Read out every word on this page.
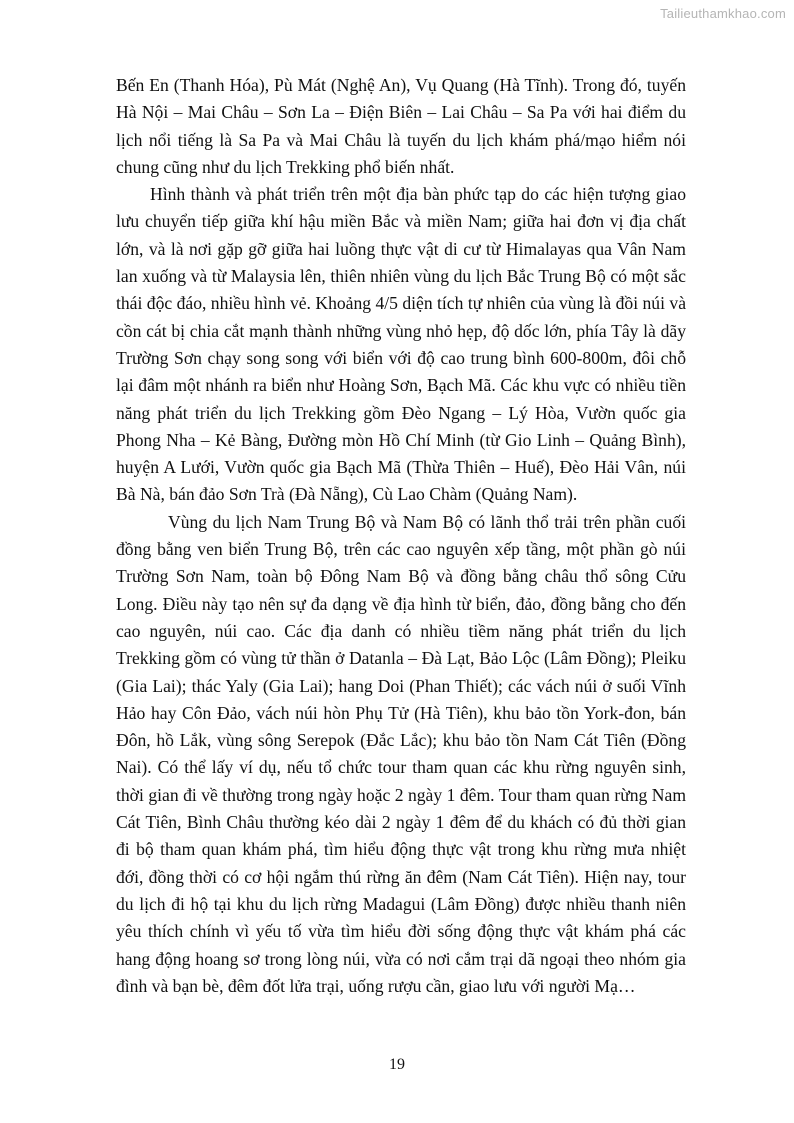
Tailieuthamkhao.com

Bến En (Thanh Hóa), Pù Mát (Nghệ An), Vụ Quang (Hà Tĩnh). Trong đó, tuyến Hà Nội – Mai Châu – Sơn La – Điện Biên – Lai Châu – Sa Pa với hai điểm du lịch nổi tiếng là Sa Pa và Mai Châu là tuyến du lịch khám phá/mạo hiểm nói chung cũng như du lịch Trekking phổ biến nhất.

Hình thành và phát triển trên một địa bàn phức tạp do các hiện tượng giao lưu chuyển tiếp giữa khí hậu miền Bắc và miền Nam; giữa hai đơn vị địa chất lớn, và là nơi gặp gỡ giữa hai luồng thực vật di cư từ Himalayas qua Vân Nam lan xuống và từ Malaysia lên, thiên nhiên vùng du lịch Bắc Trung Bộ có một sắc thái độc đáo, nhiều hình vẻ. Khoảng 4/5 diện tích tự nhiên của vùng là đồi núi và cồn cát bị chia cắt mạnh thành những vùng nhỏ hẹp, độ dốc lớn, phía Tây là dãy Trường Sơn chạy song song với biển với độ cao trung bình 600-800m, đôi chỗ lại đâm một nhánh ra biển như Hoàng Sơn, Bạch Mã. Các khu vực có nhiều tiền năng phát triển du lịch Trekking gồm Đèo Ngang – Lý Hòa, Vườn quốc gia Phong Nha – Kẻ Bàng, Đường mòn Hồ Chí Minh (từ Gio Linh – Quảng Bình), huyện A Lưới, Vườn quốc gia Bạch Mã (Thừa Thiên – Huế), Đèo Hải Vân, núi Bà Nà, bán đảo Sơn Trà (Đà Nẵng), Cù Lao Chàm (Quảng Nam).

Vùng du lịch Nam Trung Bộ và Nam Bộ có lãnh thổ trải trên phần cuối đồng bằng ven biển Trung Bộ, trên các cao nguyên xếp tầng, một phần gò núi Trường Sơn Nam, toàn bộ Đông Nam Bộ và đồng bằng châu thổ sông Cửu Long. Điều này tạo nên sự đa dạng về địa hình từ biển, đảo, đồng bằng cho đến cao nguyên, núi cao. Các địa danh có nhiều tiềm năng phát triển du lịch Trekking gồm có vùng tử thần ở Datanla – Đà Lạt, Bảo Lộc (Lâm Đồng); Pleiku (Gia Lai); thác Yaly (Gia Lai); hang Doi (Phan Thiết); các vách núi ở suối Vĩnh Hảo hay Côn Đảo, vách núi hòn Phụ Tử (Hà Tiên), khu bảo tồn York-đon, bán Đôn, hồ Lắk, vùng sông Serepok (Đắc Lắc); khu bảo tồn Nam Cát Tiên (Đồng Nai). Có thể lấy ví dụ, nếu tổ chức tour tham quan các khu rừng nguyên sinh, thời gian đi về thường trong ngày hoặc 2 ngày 1 đêm. Tour tham quan rừng Nam Cát Tiên, Bình Châu thường kéo dài 2 ngày 1 đêm để du khách có đủ thời gian đi bộ tham quan khám phá, tìm hiểu động thực vật trong khu rừng mưa nhiệt đới, đồng thời có cơ hội ngắm thú rừng ăn đêm (Nam Cát Tiên). Hiện nay, tour du lịch đi hộ tại khu du lịch rừng Madagui (Lâm Đồng) được nhiều thanh niên yêu thích chính vì yếu tố vừa tìm hiểu đời sống động thực vật khám phá các hang động hoang sơ trong lòng núi, vừa có nơi cắm trại dã ngoại theo nhóm gia đình và bạn bè, đêm đốt lửa trại, uống rượu cần, giao lưu với người Mạ…

19
